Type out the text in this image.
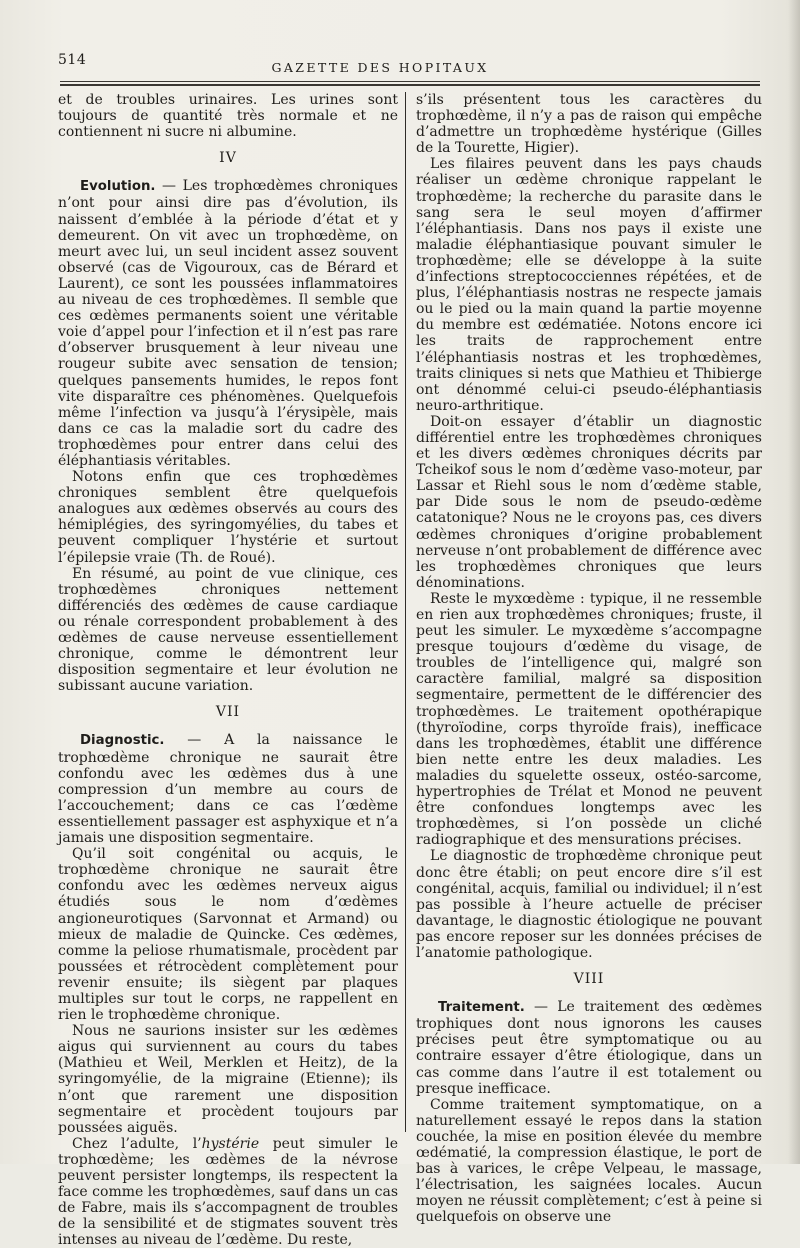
514	GAZETTE DES HOPITAUX

et de troubles urinaires. Les urines sont toujours de quantité très normale et ne contiennent ni sucre ni albumine.

IV

Evolution. — Les trophœdèmes chroniques n’ont pour ainsi dire pas d’évolution, ils naissent d’emblée à la période d’état et y demeurent. On vit avec un trophœdème, on meurt avec lui, un seul incident assez souvent observé (cas de Vigouroux, cas de Bérard et Laurent), ce sont les poussées inflammatoires au niveau de ces trophœdèmes. Il semble que ces œdèmes permanents soient une véritable voie d’appel pour l’infection et il n’est pas rare d’observer brusquement à leur niveau une rougeur subite avec sensation de tension; quelques pansements humides, le repos font vite disparaître ces phénomènes. Quelquefois même l’infection va jusqu’à l’érysipèle, mais dans ce cas la maladie sort du cadre des trophœdèmes pour entrer dans celui des éléphantiasis véritables.

Notons enfin que ces trophœdèmes chroniques semblent être quelquefois analogues aux œdèmes observés au cours des hémiplégies, des syringomyélies, du tabes et peuvent compliquer l’hystérie et surtout l’épilepsie vraie (Th. de Roué).

En résumé, au point de vue clinique, ces trophœdèmes chroniques nettement différenciés des œdèmes de cause cardiaque ou rénale correspondent probablement à des œdèmes de cause nerveuse essentiellement chronique, comme le démontrent leur disposition segmentaire et leur évolution ne subissant aucune variation.

VII

Diagnostic. — A la naissance le trophœdème chronique ne saurait être confondu avec les œdèmes dus à une compression d’un membre au cours de l’accouchement; dans ce cas l’œdème essentiellement passager est asphyxique et n’a jamais une disposition segmentaire.

Qu’il soit congénital ou acquis, le trophœdème chronique ne saurait être confondu avec les œdèmes nerveux aigus étudiés sous le nom d’œdèmes angioneurotiques (Sarvonnat et Armand) ou mieux de maladie de Quincke. Ces œdèmes, comme la peliose rhumatismale, procèdent par poussées et rétrocèdent complètement pour revenir ensuite; ils siègent par plaques multiples sur tout le corps, ne rappellent en rien le trophœdème chronique.

Nous ne saurions insister sur les œdèmes aigus qui surviennent au cours du tabes (Mathieu et Weil, Merklen et Heitz), de la syringomyélie, de la migraine (Etienne); ils n’ont que rarement une disposition segmentaire et procèdent toujours par poussées aiguës.

Chez l’adulte, l’hystérie peut simuler le trophœdème; les œdèmes de la névrose peuvent persister longtemps, ils respectent la face comme les trophœdèmes, sauf dans un cas de Fabre, mais ils s’accompagnent de troubles de la sensibilité et de stigmates souvent très intenses au niveau de l’œdème. Du reste,

s’ils présentent tous les caractères du trophœdème, il n’y a pas de raison qui empêche d’admettre un trophœdème hystérique (Gilles de la Tourette, Higier).

Les filaires peuvent dans les pays chauds réaliser un œdème chronique rappelant le trophœdème; la recherche du parasite dans le sang sera le seul moyen d’affirmer l’éléphantiasis. Dans nos pays il existe une maladie éléphantiasique pouvant simuler le trophœdème; elle se développe à la suite d’infections streptococciennes répétées, et de plus, l’éléphantiasis nostras ne respecte jamais ou le pied ou la main quand la partie moyenne du membre est œdématiée. Notons encore ici les traits de rapprochement entre l’éléphantiasis nostras et les trophœdèmes, traits cliniques si nets que Mathieu et Thibierge ont dénommé celui-ci pseudo-éléphantiasis neuro-arthritique.

Doit-on essayer d’établir un diagnostic différentiel entre les trophœdèmes chroniques et les divers œdèmes chroniques décrits par Tcheikof sous le nom d’œdème vaso-moteur, par Lassar et Riehl sous le nom d’œdème stable, par Dide sous le nom de pseudo-œdème catatonique? Nous ne le croyons pas, ces divers œdèmes chroniques d’origine probablement nerveuse n’ont probablement de différence avec les trophœdèmes chroniques que leurs dénominations.

Reste le myxœdème : typique, il ne ressemble en rien aux trophœdèmes chroniques; fruste, il peut les simuler. Le myxœdème s’accompagne presque toujours d’œdème du visage, de troubles de l’intelligence qui, malgré son caractère familial, malgré sa disposition segmentaire, permettent de le différencier des trophœdèmes. Le traitement opothérapique (thyroïodine, corps thyroïde frais), inefficace dans les trophœdèmes, établit une différence bien nette entre les deux maladies. Les maladies du squelette osseux, ostéo-sarcome, hypertrophies de Trélat et Monod ne peuvent être confondues longtemps avec les trophœdèmes, si l’on possède un cliché radiographique et des mensurations précises.

Le diagnostic de trophœdème chronique peut donc être établi; on peut encore dire s’il est congénital, acquis, familial ou individuel; il n’est pas possible à l’heure actuelle de préciser davantage, le diagnostic étiologique ne pouvant pas encore reposer sur les données précises de l’anatomie pathologique.

VIII

Traitement. — Le traitement des œdèmes trophiques dont nous ignorons les causes précises peut être symptomatique ou au contraire essayer d’être étiologique, dans un cas comme dans l’autre il est totalement ou presque inefficace.

Comme traitement symptomatique, on a naturellement essayé le repos dans la station couchée, la mise en position élevée du membre œdématié, la compression élastique, le port de bas à varices, le crêpe Velpeau, le massage, l’électrisation, les saignées locales. Aucun moyen ne réussit complètement; c’est à peine si quelquefois on observe une
